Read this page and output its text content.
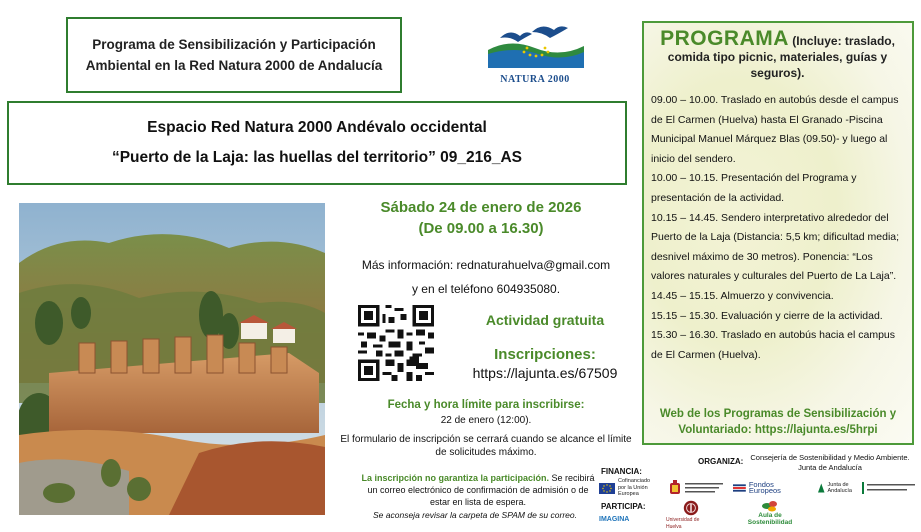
Programa de Sensibilización y Participación
Ambiental en la Red Natura 2000 de Andalucía
NATURA 2000
Espacio Red Natura 2000 Andévalo occidental
“Puerto de la Laja: las huellas del territorio” 09_216_AS
Sábado 24 de enero de 2026
(De 09.00 a 16.30)
Más información: rednaturahuelva@gmail.com
y en el teléfono 604935080.
Actividad gratuita
Inscripciones:
https://lajunta.es/67509
Fecha y hora límite para inscribirse:
22 de enero (12:00).
El formulario de inscripción se cerrará cuando se alcance el límite de solicitudes máximo.
La inscripción no garantiza la participación. Se recibirá un correo electrónico de confirmación de admisión o de estar en lista de espera.
Se aconseja revisar la carpeta de SPAM de su correo.
PROGRAMA (Incluye: traslado,
comida tipo picnic, materiales, guías y seguros).
09.00 – 10.00. Traslado en autobús desde el campus de El Carmen (Huelva) hasta El Granado -Piscina Municipal Manuel Márquez Blas (09.50)- y luego al inicio del sendero.
10.00 – 10.15. Presentación del Programa y presentación de la actividad.
10.15 – 14.45. Sendero interpretativo alrededor del Puerto de la Laja (Distancia: 5,5 km; dificultad media; desnivel máximo de 30 metros). Ponencia: “Los valores naturales y culturales del Puerto de La Laja”.
14.45 – 15.15. Almuerzo y convivencia.
15.15 – 15.30. Evaluación y cierre de la actividad.
15.30 – 16.30. Traslado en autobús hacia el campus de El Carmen (Huelva).
Web de los Programas de Sensibilización y
Voluntariado: https://lajunta.es/5hrpi
FINANCIA:
PARTICIPA:
ORGANIZA: Consejería de Sostenibilidad y Medio Ambiente. Junta de Andalucía
Cofinanciado por la Unión Europea
Fondos Europeos
Junta de Andalucía
IMAGINA	Universidad de Huelva
Aula de Sostenibilidad
